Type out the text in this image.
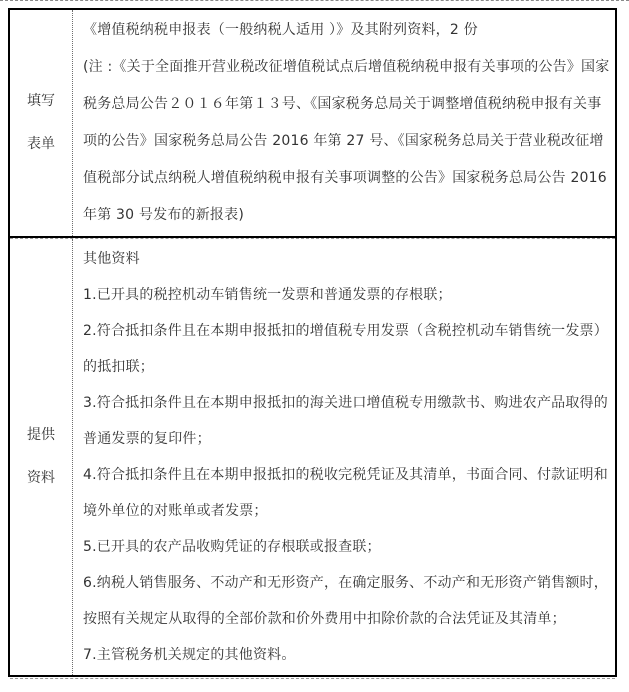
填写
表单
《增值税纳税申报表（一般纳税人适用 ）》及其附列资料，2 份
(注 :《关于全面推开营业税改征增值税试点后增值税纳税申报有关事项的公告》国家
税务总局公告２０１６年第１３号、《国家税务总局关于调整增值税纳税申报有关事
项的公告》国家税务总局公告 2016 年第 27 号、《国家税务总局关于营业税改征增
值税部分试点纳税人增值税纳税申报有关事项调整的公告》国家税务总局公告 2016
年第 30 号发布的新报表)
提供
资料
其他资料
1.已开具的税控机动车销售统一发票和普通发票的存根联；
2.符合抵扣条件且在本期申报抵扣的增值税专用发票（含税控机动车销售统一发票）
的抵扣联；
3.符合抵扣条件且在本期申报抵扣的海关进口增值税专用缴款书、购进农产品取得的
普通发票的复印件；
4.符合抵扣条件且在本期申报抵扣的税收完税凭证及其清单，书面合同、付款证明和
境外单位的对账单或者发票；
5.已开具的农产品收购凭证的存根联或报查联；
6.纳税人销售服务、不动产和无形资产，在确定服务、不动产和无形资产销售额时，
按照有关规定从取得的全部价款和价外费用中扣除价款的合法凭证及其清单；
7.主管税务机关规定的其他资料。
